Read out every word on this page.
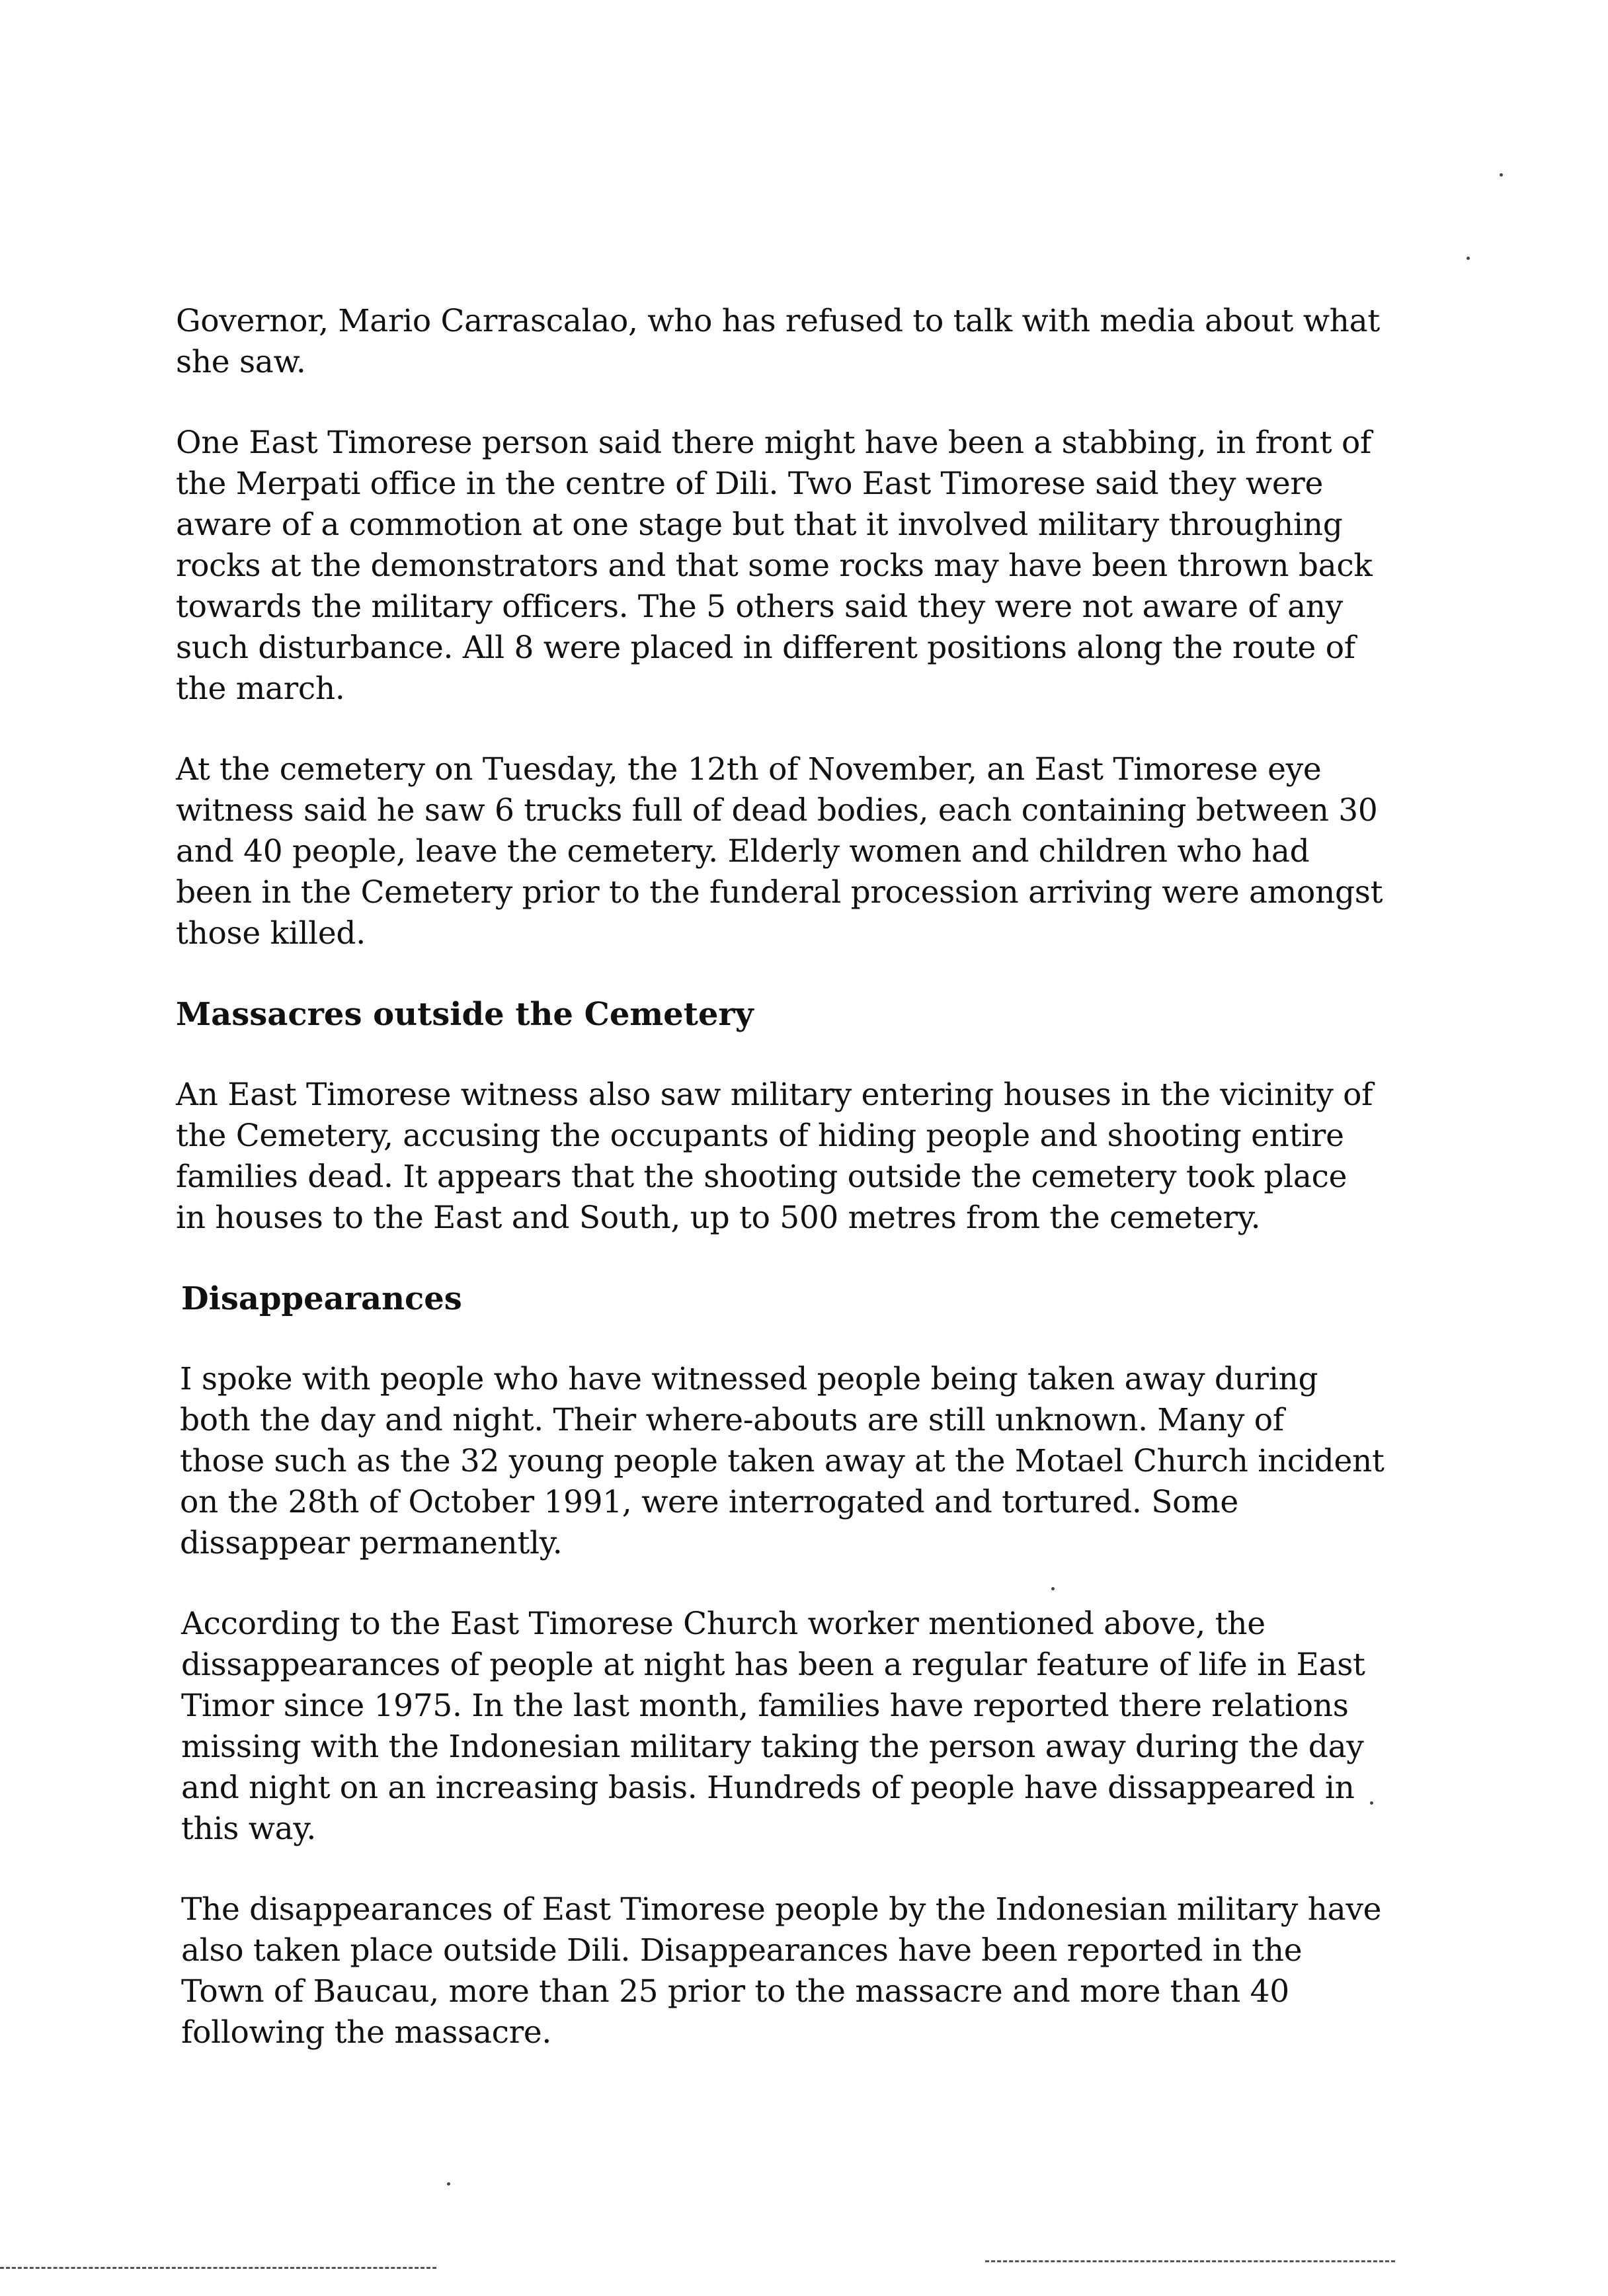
Governor, Mario Carrascalao, who has refused to talk with media about what
she saw.

One East Timorese person said there might have been a stabbing, in front of
the Merpati office in the centre of Dili. Two East Timorese said they were
aware of a commotion at one stage but that it involved military throughing
rocks at the demonstrators and that some rocks may have been thrown back
towards the military officers. The 5 others said they were not aware of any
such disturbance. All 8 were placed in different positions along the route of
the march.

At the cemetery on Tuesday, the 12th of November, an East Timorese eye
witness said he saw 6 trucks full of dead bodies, each containing between 30
and 40 people, leave the cemetery. Elderly women and children who had
been in the Cemetery prior to the funderal procession arriving were amongst
those killed.

Massacres outside the Cemetery

An East Timorese witness also saw military entering houses in the vicinity of
the Cemetery, accusing the occupants of hiding people and shooting entire
families dead. It appears that the shooting outside the cemetery took place
in houses to the East and South, up to 500 metres from the cemetery.

Disappearances

I spoke with people who have witnessed people being taken away during
both the day and night. Their where-abouts are still unknown. Many of
those such as the 32 young people taken away at the Motael Church incident
on the 28th of October 1991, were interrogated and tortured. Some
dissappear permanently.

According to the East Timorese Church worker mentioned above, the
dissappearances of people at night has been a regular feature of life in East
Timor since 1975. In the last month, families have reported there relations
missing with the Indonesian military taking the person away during the day
and night on an increasing basis. Hundreds of people have dissappeared in
this way.

The disappearances of East Timorese people by the Indonesian military have
also taken place outside Dili. Disappearances have been reported in the
Town of Baucau, more than 25 prior to the massacre and more than 40
following the massacre.
